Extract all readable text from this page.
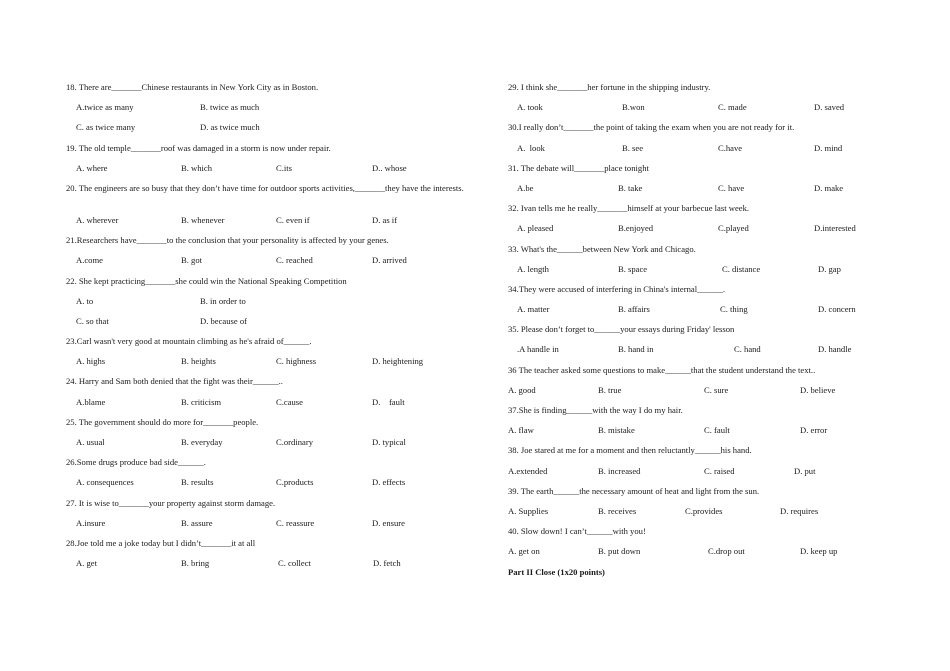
18. There are_______Chinese restaurants in New York City as in Boston.
A.twice as many	B. twice as much
C. as twice many	D. as twice much
19. The old temple_______roof was damaged in a storm is now under repair.
A. where	B. which	C.its	D.. whose
20. The engineers are so busy that they don’t have time for outdoor sports activities,_______they have the interests.
A. wherever	B. whenever	C. even if	D. as if
21.Researchers have_______to the conclusion that your personality is affected by your genes.
A.come	B. got	C. reached	D. arrived
22. She kept practicing_______she could win the National Speaking Competition
A. to	B. in order to
C. so that	D. because of
23.Carl wasn't very good at mountain climbing as he's afraid of______.
A. highs	B. heights	C. highness	D. heightening
24. Harry and Sam both denied that the fight was their______..
A.blame	B. criticism	C.cause	D.    fault
25. The government should do more for_______people.
A. usual	B. everyday	C.ordinary	D. typical
26.Some drugs produce bad side______.
A. consequences	B. results	C.products	D. effects
27. It is wise to_______your property against storm damage.
A.insure	B. assure	C. reassure	D. ensure
28.Joe told me a joke today but I didn’t_______it at all
A. get	B. bring	C. collect	D. fetch
29. I think she_______her fortune in the shipping industry.
A. took	B.won	C. made	D. saved
30.I really don’t_______the point of taking the exam when you are not ready for it.
A.  look	B. see	C.have	D. mind
31. The debate will_______place tonight
A.be	B. take	C. have	D. make
32. Ivan tells me he really_______himself at your barbecue last week.
A. pleased	B.enjoyed	C.played	D.interested
33. What's the______between New York and Chicago.
A. length	B. space	C. distance	D. gap
34.They were accused of interfering in China's internal______.
A. matter	B. affairs	C. thing	D. concern
35. Please don’t forget to______your essays during Friday' lesson
.A handle in	B. hand in	C. hand	D. handle
36 The teacher asked some questions to make______that the student understand the text..
A. good	B. true	C. sure	D. believe
37.She is finding______with the way I do my hair.
A. flaw	B. mistake	C. fault	D. error
38. Joe stared at me for a moment and then reluctantly______his hand.
A.extended	B. increased	C. raised	D. put
39. The earth______the necessary amount of heat and light from the sun.
A. Supplies	B. receives	C.provides	D. requires
40. Slow down! I can’t______with you!
A. get on	B. put down	C.drop out	D. keep up
Part II Close (1x20 points)
